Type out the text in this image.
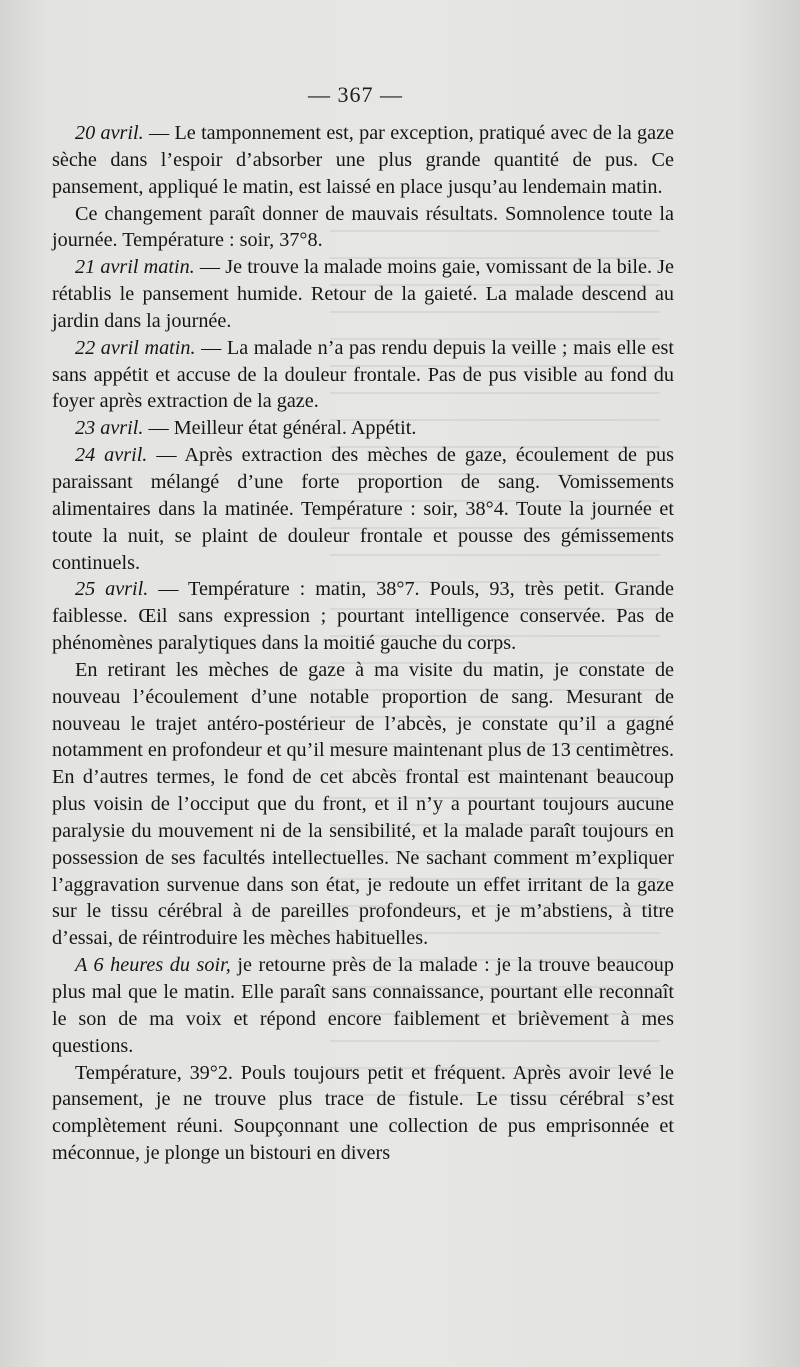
— 367 —

20 avril. — Le tamponnement est, par exception, pratiqué avec de la gaze sèche dans l’espoir d’absorber une plus grande quantité de pus. Ce pansement, appliqué le matin, est laissé en place jusqu’au lendemain matin.

Ce changement paraît donner de mauvais résultats. Somnolence toute la journée. Température : soir, 37°8.

21 avril matin. — Je trouve la malade moins gaie, vomissant de la bile. Je rétablis le pansement humide. Retour de la gaieté. La malade descend au jardin dans la journée.

22 avril matin. — La malade n’a pas rendu depuis la veille ; mais elle est sans appétit et accuse de la douleur frontale. Pas de pus visible au fond du foyer après extraction de la gaze.

23 avril. — Meilleur état général. Appétit.

24 avril. — Après extraction des mèches de gaze, écoulement de pus paraissant mélangé d’une forte proportion de sang. Vomissements alimentaires dans la matinée. Température : soir, 38°4. Toute la journée et toute la nuit, se plaint de douleur frontale et pousse des gémissements continuels.

25 avril. — Température : matin, 38°7. Pouls, 93, très petit. Grande faiblesse. Œil sans expression ; pourtant intelligence conservée. Pas de phénomènes paralytiques dans la moitié gauche du corps.

En retirant les mèches de gaze à ma visite du matin, je constate de nouveau l’écoulement d’une notable proportion de sang. Mesurant de nouveau le trajet antéro-postérieur de l’abcès, je constate qu’il a gagné notamment en profondeur et qu’il mesure maintenant plus de 13 centimètres. En d’autres termes, le fond de cet abcès frontal est maintenant beaucoup plus voisin de l’occiput que du front, et il n’y a pourtant toujours aucune paralysie du mouvement ni de la sensibilité, et la malade paraît toujours en possession de ses facultés intellectuelles. Ne sachant comment m’expliquer l’aggravation survenue dans son état, je redoute un effet irritant de la gaze sur le tissu cérébral à de pareilles profondeurs, et je m’abstiens, à titre d’essai, de réintroduire les mèches habituelles.

A 6 heures du soir, je retourne près de la malade : je la trouve beaucoup plus mal que le matin. Elle paraît sans connaissance, pourtant elle reconnaît le son de ma voix et répond encore faiblement et brièvement à mes questions.

Température, 39°2. Pouls toujours petit et fréquent. Après avoir levé le pansement, je ne trouve plus trace de fistule. Le tissu cérébral s’est complètement réuni. Soupçonnant une collection de pus emprisonnée et méconnue, je plonge un bistouri en divers
